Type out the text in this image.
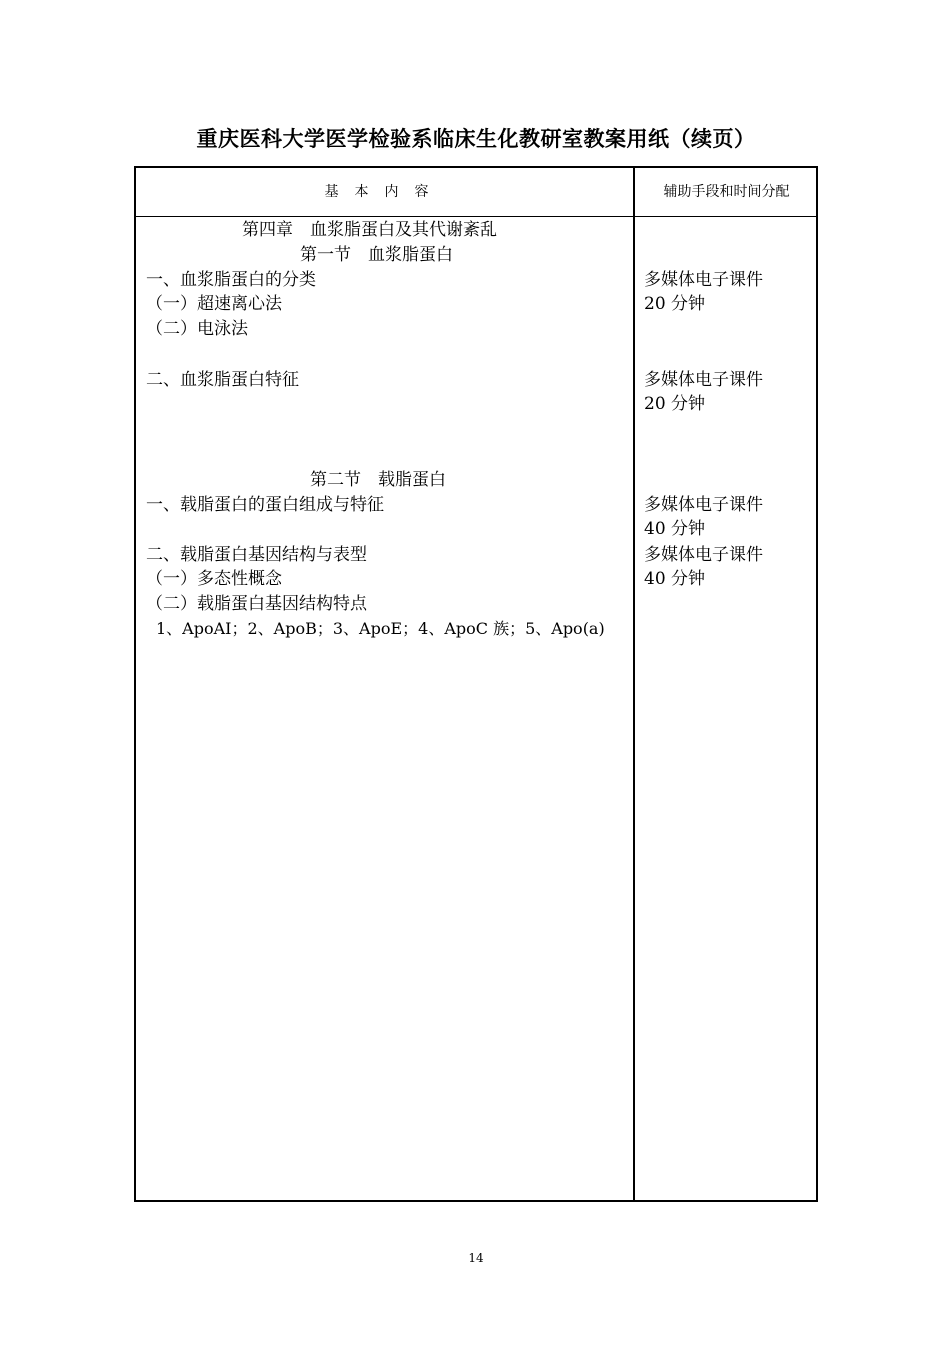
重庆医科大学医学检验系临床生化教研室教案用纸（续页）
基本内容	辅助手段和时间分配
第四章　血浆脂蛋白及其代谢紊乱
第一节　血浆脂蛋白
一、血浆脂蛋白的分类
（一）超速离心法
（二）电泳法
二、血浆脂蛋白特征
第二节　载脂蛋白
一、载脂蛋白的蛋白组成与特征
二、载脂蛋白基因结构与表型
（一）多态性概念
（二）载脂蛋白基因结构特点
1、ApoAI；2、ApoB；3、ApoE；4、ApoC 族；5、Apo(a)
多媒体电子课件
20 分钟
多媒体电子课件
20 分钟
多媒体电子课件
40 分钟
多媒体电子课件
40 分钟
14
